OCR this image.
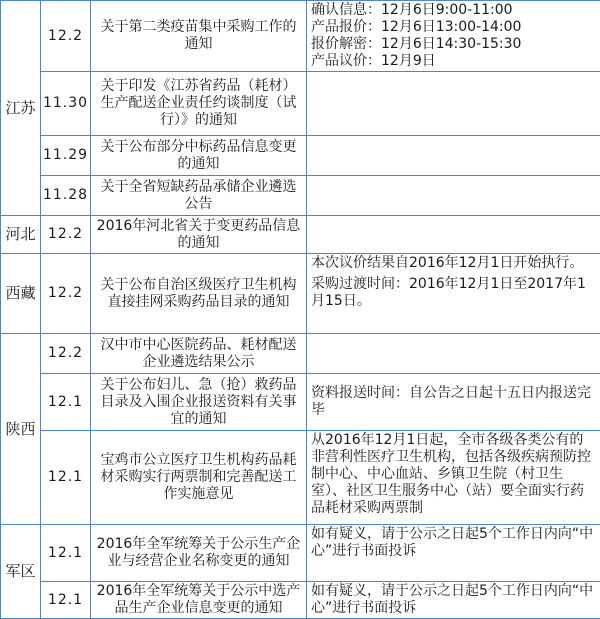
江苏	12.2	关于第二类疫苗集中采购工作的通知	确认信息：12月6日9:00-11:00
产品报价：12月6日13:00-14:00
报价解密：12月6日14:30-15:30
产品议价：12月9日

	11.30	关于印发《江苏省药品（耗材）生产配送企业责任约谈制度（试行）》的通知	
	11.29	关于公布部分中标药品信息变更的通知	
	11.28	关于全省短缺药品承储企业遴选公告	
河北	12.2	2016年河北省关于变更药品信息的通知	
西藏	12.2	关于公布自治区级医疗卫生机构直接挂网采购药品目录的通知	本次议价结果自2016年12月1日开始执行。
采购过渡时间：2016年12月1日至2017年1月15日。

陕西	12.2	汉中市中心医院药品、耗材配送企业遴选结果公示	
	12.1	关于公布妇儿、急（抢）救药品目录及入围企业报送资料有关事宜的通知	资料报送时间：自公告之日起十五日内报送完毕
	12.1	宝鸡市公立医疗卫生机构药品耗材采购实行两票制和完善配送工作实施意见	从2016年12月1日起，全市各级各类公有的非营利性医疗卫生机构，包括各级疾病预防控制中心、中心血站、乡镇卫生院（村卫生室）、社区卫生服务中心（站）要全面实行药品耗材采购两票制
军区	12.1	2016年全军统筹关于公示生产企业与经营企业名称变更的通知	如有疑义，请于公示之日起5个工作日内向“中心”进行书面投诉
	12.1	2016年全军统筹关于公示中选产品生产企业信息变更的通知	如有疑义，请于公示之日起5个工作日内向“中心”进行书面投诉
